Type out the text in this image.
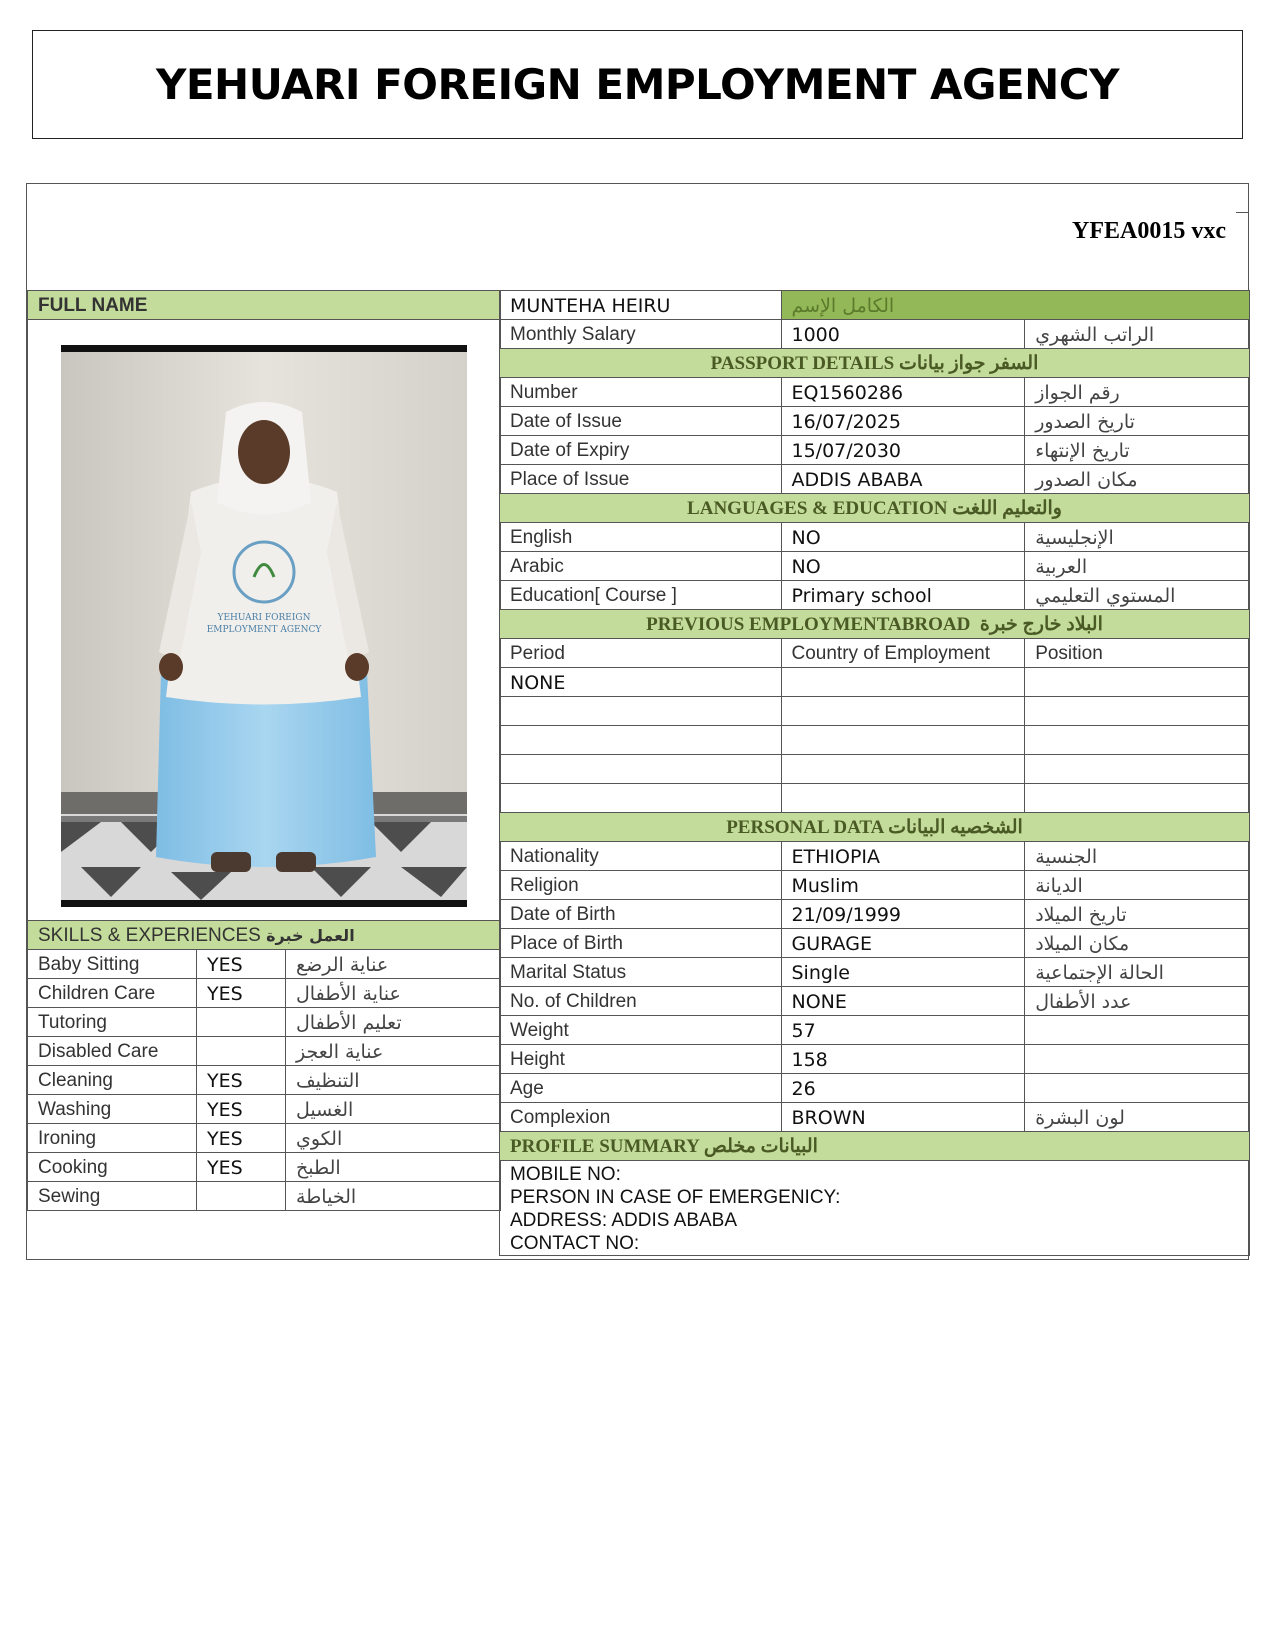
YEHUARI FOREIGN EMPLOYMENT AGENCY
YFEA0015 vxc
FULL NAME		

YEHUARI FOREIGN
EMPLOYMENT AGENCY		

SKILLS & EXPERIENCES العمل خبرة		
Baby Sitting	YES	عناية الرضع
Children Care	YES	عناية الأطفال
Tutoring		تعليم الأطفال
Disabled Care		عناية العجز
Cleaning	YES	التنظيف
Washing	YES	الغسيل
Ironing	YES	الكوي
Cooking	YES	الطبخ
Sewing		الخياطة
MUNTEHA HEIRU	الكامل الإسم	
Monthly Salary	1000	الراتب الشهري
PASSPORT DETAILS السفر جواز بيانات		
Number	EQ1560286	رقم الجواز
Date of Issue	16/07/2025	تاريخ الصدور
Date of Expiry	15/07/2030	تاريخ الإنتهاء
Place of Issue	ADDIS ABABA	مكان الصدور
LANGUAGES & EDUCATION والتعليم اللغت		
English	NO	الإنجليسية
Arabic	NO	العربية
Education[ Course ]	Primary school	المستوي التعليمي
PREVIOUS EMPLOYMENTABROAD البلاد خارج خبرة		
Period	Country of Employment	Position
NONE		

PERSONAL DATA الشخصيه البيانات		
Nationality	ETHIOPIA	الجنسية
Religion	Muslim	الديانة
Date of Birth	21/09/1999	تاريخ الميلاد
Place of Birth	GURAGE	مكان الميلاد
Marital Status	Single	الحالة الإجتماعية
No. of Children	NONE	عدد الأطفال
Weight	57	
Height	158	
Age	26	
Complexion	BROWN	لون البشرة
PROFILE SUMMARY البيانات مخلص		

MOBILE NO:
PERSON IN CASE OF EMERGENICY:
ADDRESS: ADDIS ABABA
CONTACT NO:		
